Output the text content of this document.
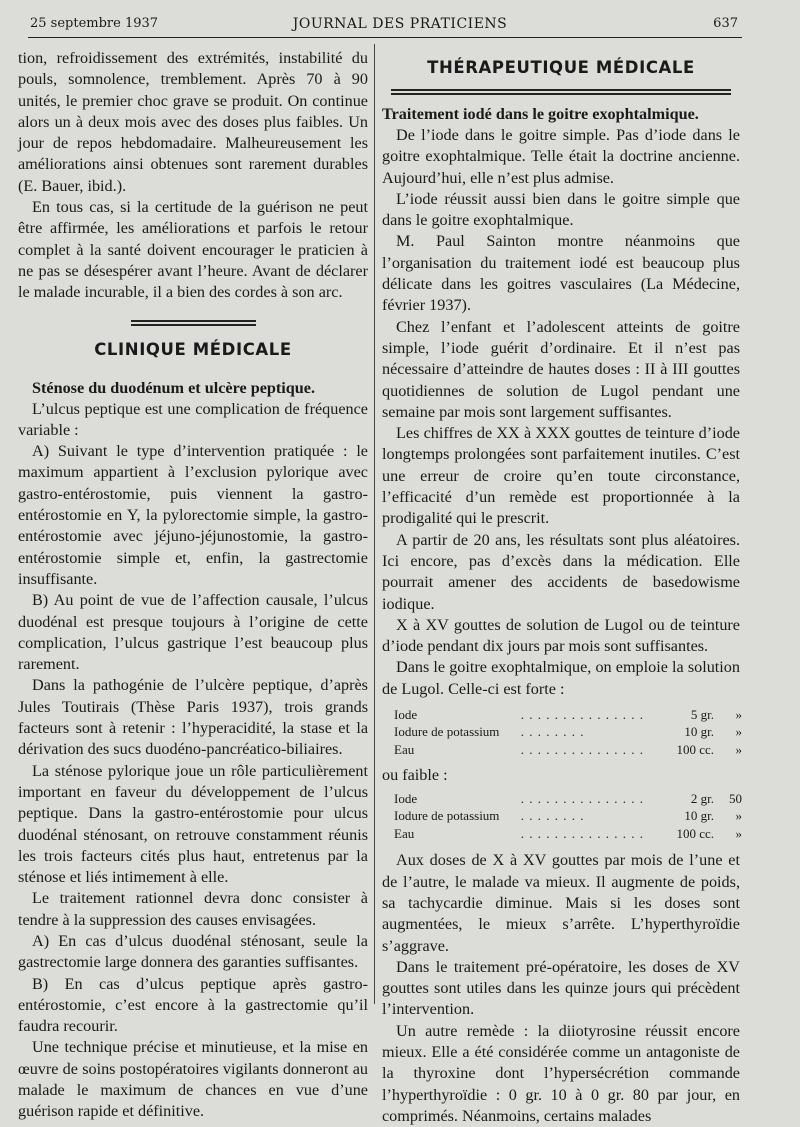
25 septembre 1937	JOURNAL DES PRATICIENS	637

tion, refroidissement des extrémités, instabilité du pouls, somnolence, tremblement. Après 70 à 90 unités, le premier choc grave se produit. On continue alors un à deux mois avec des doses plus faibles. Un jour de repos hebdomadaire. Malheureusement les améliorations ainsi obtenues sont rarement durables (E. Bauer, ibid.).

En tous cas, si la certitude de la guérison ne peut être affirmée, les améliorations et parfois le retour complet à la santé doivent encourager le praticien à ne pas se désespérer avant l’heure. Avant de déclarer le malade incurable, il a bien des cordes à son arc.

CLINIQUE MÉDICALE
Sténose du duodénum et ulcère peptique.

L’ulcus peptique est une complication de fréquence variable :

A) Suivant le type d’intervention pratiquée : le maximum appartient à l’exclusion pylorique avec gastro-entérostomie, puis viennent la gastro-entérostomie en Y, la pylorectomie simple, la gastro-entérostomie avec jéjuno-jéjunostomie, la gastro-entérostomie simple et, enfin, la gastrectomie insuffisante.

B) Au point de vue de l’affection causale, l’ulcus duodénal est presque toujours à l’origine de cette complication, l’ulcus gastrique l’est beaucoup plus rarement.

Dans la pathogénie de l’ulcère peptique, d’après Jules Toutirais (Thèse Paris 1937), trois grands facteurs sont à retenir : l’hyperacidité, la stase et la dérivation des sucs duodéno-pancréatico-biliaires.

La sténose pylorique joue un rôle particulièrement important en faveur du développement de l’ulcus peptique. Dans la gastro-entérostomie pour ulcus duodénal sténosant, on retrouve constamment réunis les trois facteurs cités plus haut, entretenus par la sténose et liés intimement à elle.

Le traitement rationnel devra donc consister à tendre à la suppression des causes envisagées.

A) En cas d’ulcus duodénal sténosant, seule la gastrectomie large donnera des garanties suffisantes.

B) En cas d’ulcus peptique après gastro-entérostomie, c’est encore à la gastrectomie qu’il faudra recourir.

Une technique précise et minutieuse, et la mise en œuvre de soins postopératoires vigilants donneront au malade le maximum de chances en vue d’une guérison rapide et définitive.

THÉRAPEUTIQUE MÉDICALE
Traitement iodé dans le goitre exophtalmique.

De l’iode dans le goitre simple. Pas d’iode dans le goitre exophtalmique. Telle était la doctrine ancienne. Aujourd’hui, elle n’est plus admise.

L’iode réussit aussi bien dans le goitre simple que dans le goitre exophtalmique.

M. Paul Sainton montre néanmoins que l’organisation du traitement iodé est beaucoup plus délicate dans les goitres vasculaires (La Médecine, février 1937).

Chez l’enfant et l’adolescent atteints de goitre simple, l’iode guérit d’ordinaire. Et il n’est pas nécessaire d’atteindre de hautes doses : II à III gouttes quotidiennes de solution de Lugol pendant une semaine par mois sont largement suffisantes.

Les chiffres de XX à XXX gouttes de teinture d’iode longtemps prolongées sont parfaitement inutiles. C’est une erreur de croire qu’en toute circonstance, l’efficacité d’un remède est proportionnée à la prodigalité qui le prescrit.

A partir de 20 ans, les résultats sont plus aléatoires. Ici encore, pas d’excès dans la médication. Elle pourrait amener des accidents de basedowisme iodique.

X à XV gouttes de solution de Lugol ou de teinture d’iode pendant dix jours par mois sont suffisantes.

Dans le goitre exophtalmique, on emploie la solution de Lugol. Celle-ci est forte :

Iode	. . . . . . . . . . . . . . .	5 gr.	»
Iodure de potassium	. . . . . . . .	10 gr.	»
Eau	. . . . . . . . . . . . . . .	100 cc.	»

ou faible :

Iode	. . . . . . . . . . . . . . .	2 gr.	50
Iodure de potassium	. . . . . . . .	10 gr.	»
Eau	. . . . . . . . . . . . . . .	100 cc.	»

Aux doses de X à XV gouttes par mois de l’une et de l’autre, le malade va mieux. Il augmente de poids, sa tachycardie diminue. Mais si les doses sont augmentées, le mieux s’arrête. L’hyperthyroïdie s’aggrave.

Dans le traitement pré-opératoire, les doses de XV gouttes sont utiles dans les quinze jours qui précèdent l’intervention.

Un autre remède : la diiotyrosine réussit encore mieux. Elle a été considérée comme un antagoniste de la thyroxine dont l’hypersécrétion commande l’hyperthyroïdie : 0 gr. 10 à 0 gr. 80 par jour, en comprimés. Néanmoins, certains malades
